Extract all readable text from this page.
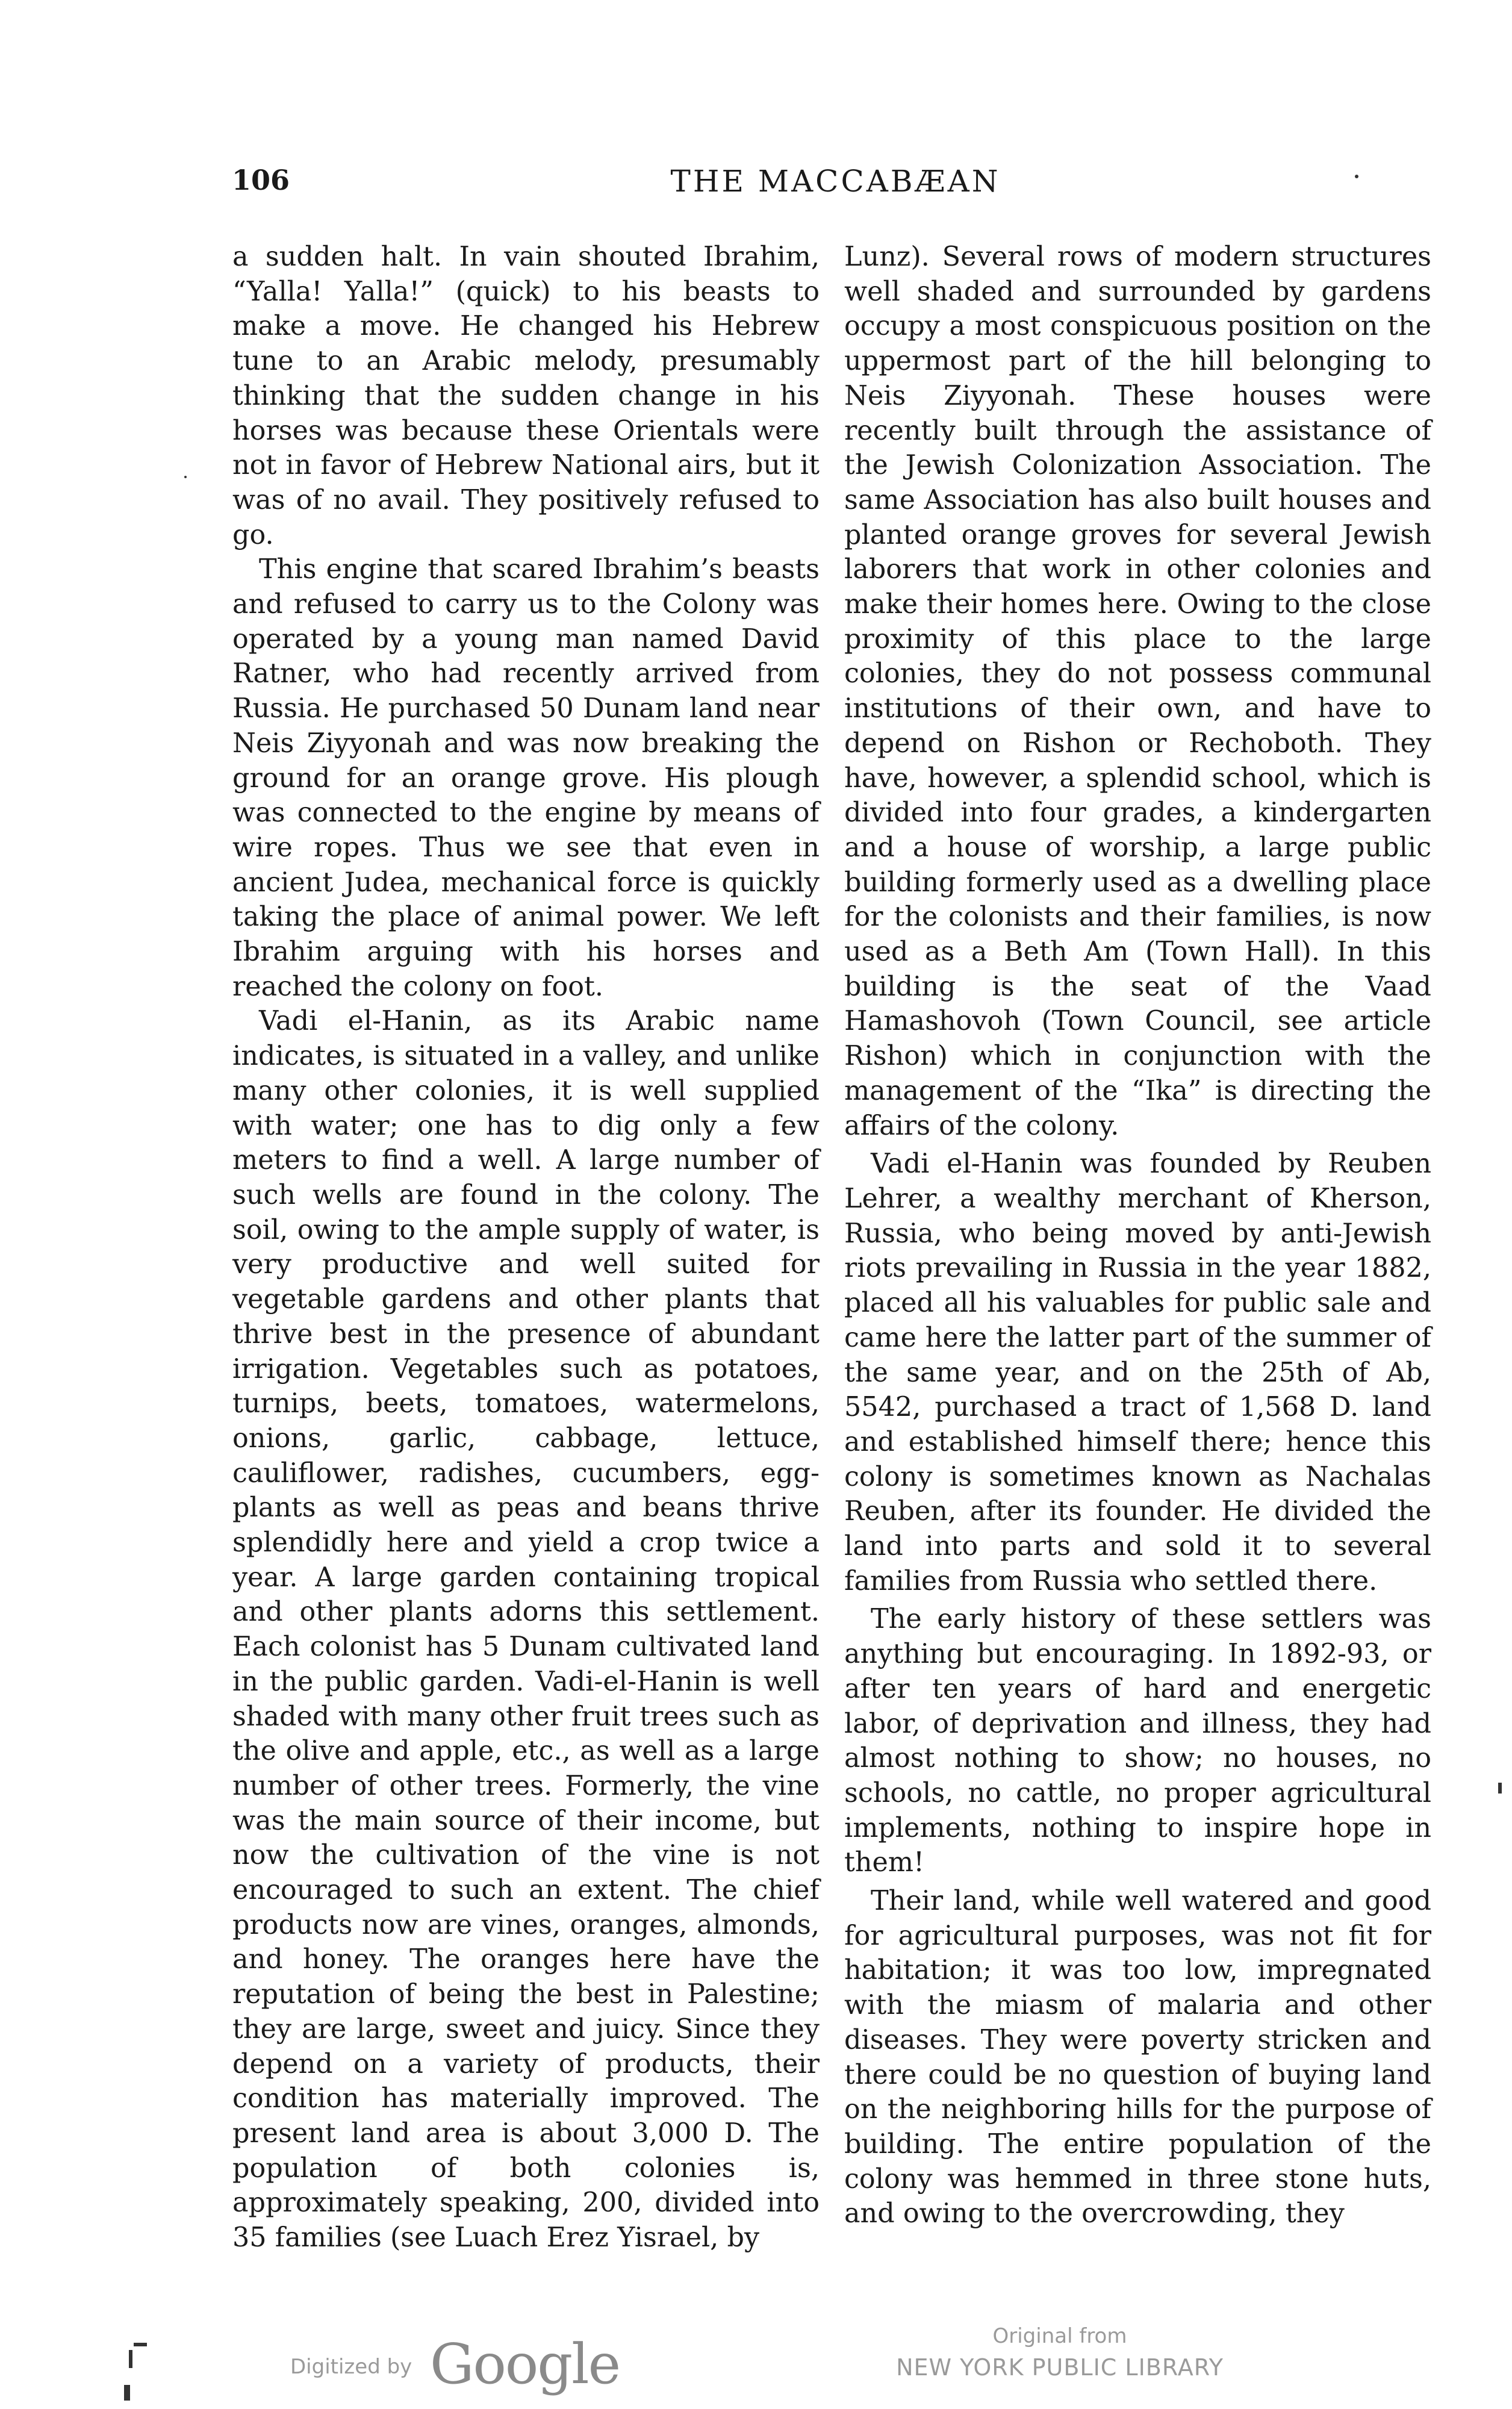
106	THE MACCABÆAN

a sudden halt. In vain shouted Ibrahim, “Yalla! Yalla!” (quick) to his beasts to make a move. He changed his Hebrew tune to an Arabic melody, presumably thinking that the sudden change in his horses was because these Orientals were not in favor of Hebrew National airs, but it was of no avail. They positively refused to go.

This engine that scared Ibrahim’s beasts and refused to carry us to the Colony was operated by a young man named David Ratner, who had recently arrived from Russia. He purchased 50 Dunam land near Neis Ziyyonah and was now breaking the ground for an orange grove. His plough was connected to the engine by means of wire ropes. Thus we see that even in ancient Judea, mechanical force is quickly taking the place of animal power. We left Ibrahim arguing with his horses and reached the colony on foot.

Vadi el-Hanin, as its Arabic name indicates, is situated in a valley, and unlike many other colonies, it is well supplied with water; one has to dig only a few meters to find a well. A large number of such wells are found in the colony. The soil, owing to the ample supply of water, is very productive and well suited for vegetable gardens and other plants that thrive best in the presence of abundant irrigation. Vegetables such as potatoes, turnips, beets, tomatoes, watermelons, onions, garlic, cabbage, lettuce, cauliflower, radishes, cucumbers, egg-plants as well as peas and beans thrive splendidly here and yield a crop twice a year. A large garden containing tropical and other plants adorns this settlement. Each colonist has 5 Dunam cultivated land in the public garden. Vadi-el-Hanin is well shaded with many other fruit trees such as the olive and apple, etc., as well as a large number of other trees. Formerly, the vine was the main source of their income, but now the cultivation of the vine is not encouraged to such an extent. The chief products now are vines, oranges, almonds, and honey. The oranges here have the reputation of being the best in Palestine; they are large, sweet and juicy. Since they depend on a variety of products, their condition has materially improved. The present land area is about 3,000 D. The population of both colonies is, approximately speaking, 200, divided into 35 families (see Luach Erez Yisrael, by

Lunz). Several rows of modern structures well shaded and surrounded by gardens occupy a most conspicuous position on the uppermost part of the hill belonging to Neis Ziyyonah. These houses were recently built through the assistance of the Jewish Colonization Association. The same Association has also built houses and planted orange groves for several Jewish laborers that work in other colonies and make their homes here. Owing to the close proximity of this place to the large colonies, they do not possess communal institutions of their own, and have to depend on Rishon or Rechoboth. They have, however, a splendid school, which is divided into four grades, a kindergarten and a house of worship, a large public building formerly used as a dwelling place for the colonists and their families, is now used as a Beth Am (Town Hall). In this building is the seat of the Vaad Hamashovoh (Town Council, see article Rishon) which in conjunction with the management of the “Ika” is directing the affairs of the colony.

Vadi el-Hanin was founded by Reuben Lehrer, a wealthy merchant of Kherson, Russia, who being moved by anti-Jewish riots prevailing in Russia in the year 1882, placed all his valuables for public sale and came here the latter part of the summer of the same year, and on the 25th of Ab, 5542, purchased a tract of 1,568 D. land and established himself there; hence this colony is sometimes known as Nachalas Reuben, after its founder. He divided the land into parts and sold it to several families from Russia who settled there.

The early history of these settlers was anything but encouraging. In 1892-93, or after ten years of hard and energetic labor, of deprivation and illness, they had almost nothing to show; no houses, no schools, no cattle, no proper agricultural implements, nothing to inspire hope in them!

Their land, while well watered and good for agricultural purposes, was not fit for habitation; it was too low, impregnated with the miasm of malaria and other diseases. They were poverty stricken and there could be no question of buying land on the neighboring hills for the purpose of building. The entire population of the colony was hemmed in three stone huts, and owing to the overcrowding, they

Digitized by Google	Original from
NEW YORK PUBLIC LIBRARY
